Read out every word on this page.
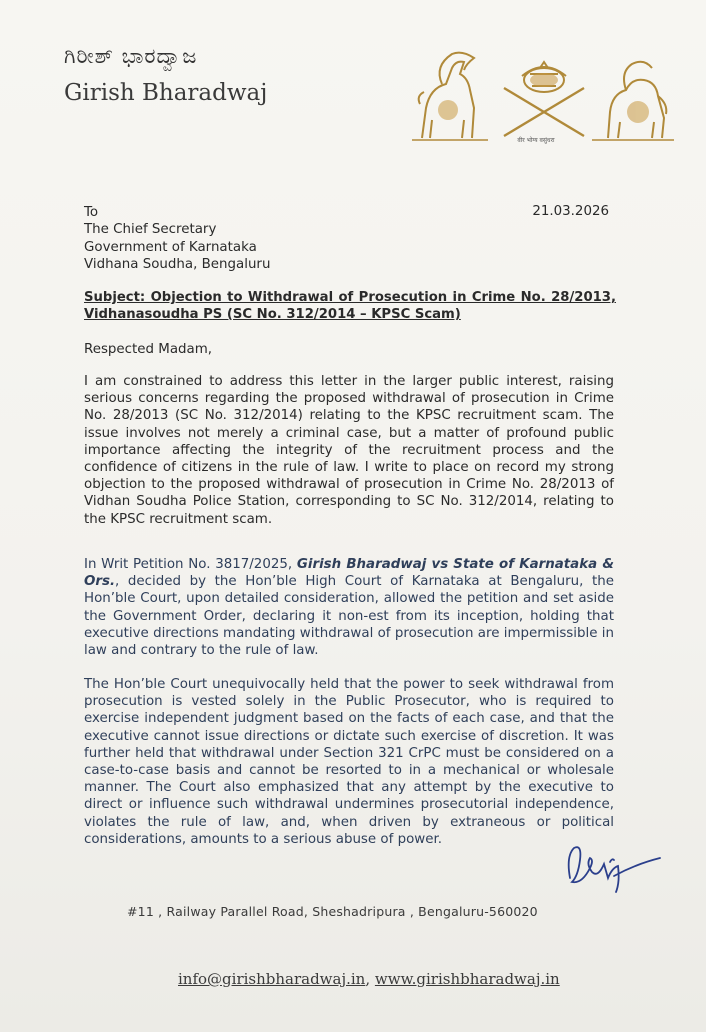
ಗಿರೀಶ್ ಭಾರದ್ವಾಜ
Girish Bharadwaj
वीर भोग्य वसुंधरा
To
The Chief Secretary
Government of Karnataka
Vidhana Soudha, Bengaluru
21.03.2026
Subject: Objection to Withdrawal of Prosecution in Crime No. 28/2013, Vidhanasoudha PS (SC No. 312/2014 – KPSC Scam)
Respected Madam,
I am constrained to address this letter in the larger public interest, raising serious concerns regarding the proposed withdrawal of prosecution in Crime No. 28/2013 (SC No. 312/2014) relating to the KPSC recruitment scam. The issue involves not merely a criminal case, but a matter of profound public importance affecting the integrity of the recruitment process and the confidence of citizens in the rule of law. I write to place on record my strong objection to the proposed withdrawal of prosecution in Crime No. 28/2013 of Vidhan Soudha Police Station, corresponding to SC No. 312/2014, relating to the KPSC recruitment scam.
In Writ Petition No. 3817/2025, Girish Bharadwaj vs State of Karnataka & Ors., decided by the Hon’ble High Court of Karnataka at Bengaluru, the Hon’ble Court, upon detailed consideration, allowed the petition and set aside the Government Order, declaring it non-est from its inception, holding that executive directions mandating withdrawal of prosecution are impermissible in law and contrary to the rule of law.
The Hon’ble Court unequivocally held that the power to seek withdrawal from prosecution is vested solely in the Public Prosecutor, who is required to exercise independent judgment based on the facts of each case, and that the executive cannot issue directions or dictate such exercise of discretion. It was further held that withdrawal under Section 321 CrPC must be considered on a case-to-case basis and cannot be resorted to in a mechanical or wholesale manner. The Court also emphasized that any attempt by the executive to direct or influence such withdrawal undermines prosecutorial independence, violates the rule of law, and, when driven by extraneous or political considerations, amounts to a serious abuse of power.
#11 , Railway Parallel Road, Sheshadripura , Bengaluru-560020
info@girishbharadwaj.in, www.girishbharadwaj.in
